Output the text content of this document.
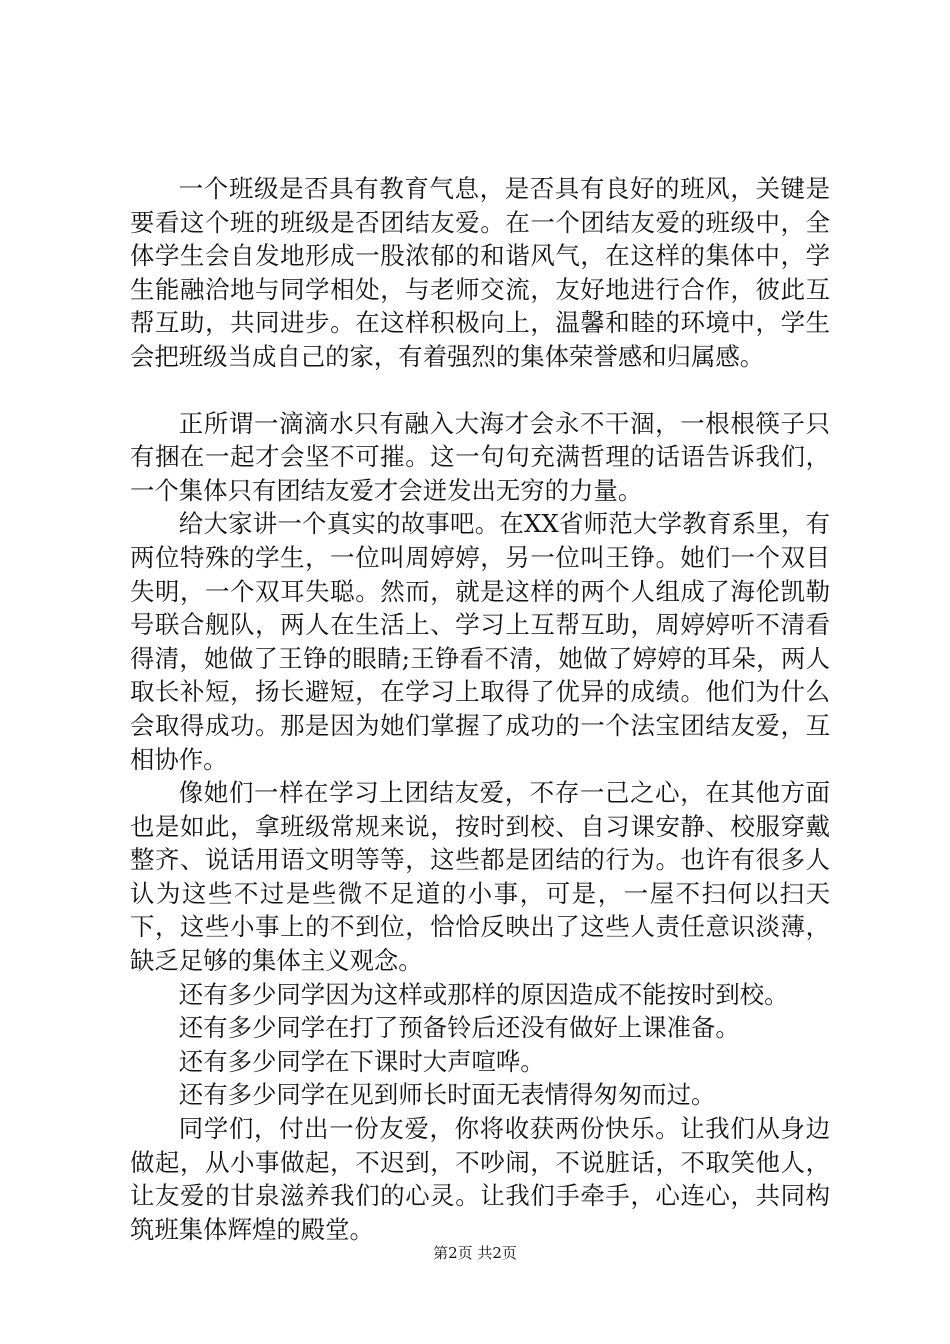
一个班级是否具有教育气息，是否具有良好的班风，关键是要看这个班的班级是否团结友爱。在一个团结友爱的班级中，全体学生会自发地形成一股浓郁的和谐风气，在这样的集体中，学生能融洽地与同学相处，与老师交流，友好地进行合作，彼此互帮互助，共同进步。在这样积极向上，温馨和睦的环境中，学生会把班级当成自己的家，有着强烈的集体荣誉感和归属感。

正所谓一滴滴水只有融入大海才会永不干涸，一根根筷子只有捆在一起才会坚不可摧。这一句句充满哲理的话语告诉我们，一个集体只有团结友爱才会迸发出无穷的力量。

给大家讲一个真实的故事吧。在XX省师范大学教育系里，有两位特殊的学生，一位叫周婷婷，另一位叫王铮。她们一个双目失明，一个双耳失聪。然而，就是这样的两个人组成了海伦凯勒号联合舰队，两人在生活上、学习上互帮互助，周婷婷听不清看得清，她做了王铮的眼睛;王铮看不清，她做了婷婷的耳朵，两人取长补短，扬长避短，在学习上取得了优异的成绩。他们为什么会取得成功。那是因为她们掌握了成功的一个法宝团结友爱，互相协作。

像她们一样在学习上团结友爱，不存一己之心，在其他方面也是如此，拿班级常规来说，按时到校、自习课安静、校服穿戴整齐、说话用语文明等等，这些都是团结的行为。也许有很多人认为这些不过是些微不足道的小事，可是，一屋不扫何以扫天下，这些小事上的不到位，恰恰反映出了这些人责任意识淡薄，缺乏足够的集体主义观念。

还有多少同学因为这样或那样的原因造成不能按时到校。

还有多少同学在打了预备铃后还没有做好上课准备。

还有多少同学在下课时大声喧哗。

还有多少同学在见到师长时面无表情得匆匆而过。

同学们，付出一份友爱，你将收获两份快乐。让我们从身边做起，从小事做起，不迟到，不吵闹，不说脏话，不取笑他人，让友爱的甘泉滋养我们的心灵。让我们手牵手，心连心，共同构筑班集体辉煌的殿堂。

第2页 共2页
